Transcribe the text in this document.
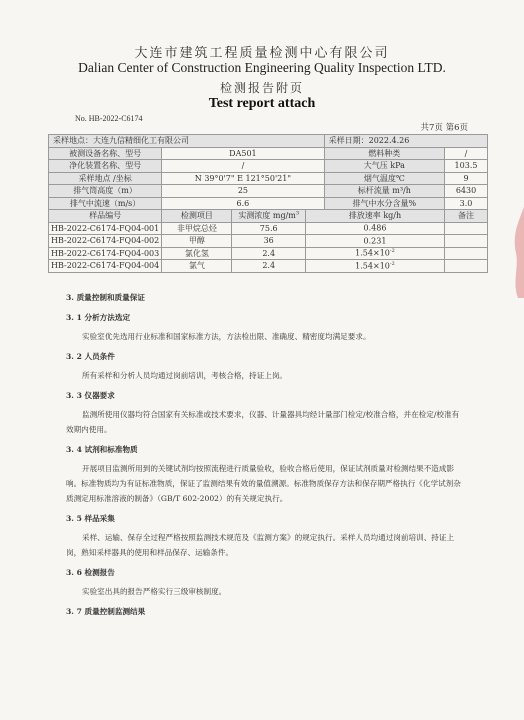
大连市建筑工程质量检测中心有限公司
Dalian Center of Construction Engineering Quality Inspection LTD.
检测报告附页
Test report attach
No. HB-2022-C6174
共7页 第6页
采样地点：大连九信精细化工有限公司				采样日期：2022.4.26	
被测设备名称、型号	DA501			燃料种类	/
净化装置名称、型号	/			大气压 kPa	103.5
采样地点 /坐标	N 39°0'7" E 121°50'21"			烟气温度℃	9
排气筒高度（m）	25			标杆流量 m³/h	6430
排气中流速（m/s）	6.6			排气中水分含量%	3.0
样品编号	检测项目	实测浓度 $mg/m^3$	排放速率 kg/h		备注
HB-2022-C6174-FQ04-001	非甲烷总烃	75.6	0.486		
HB-2022-C6174-FQ04-002	甲醇	36	0.231		
HB-2022-C6174-FQ04-003	氯化氢	2.4	$1.54\times 10^{-2}$	
HB-2022-C6174-FQ04-004	氯气	2.4	$1.54\times 10^{-2}$	
3. 质量控制和质量保证
3. 1 分析方法选定
实验室优先选用行业标准和国家标准方法，方法检出限、准确度、精密度均满足要求。
3. 2 人员条件
所有采样和分析人员均通过岗前培训，考核合格，持证上岗。
3. 3 仪器要求
监测所使用仪器均符合国家有关标准或技术要求，仪器、计量器具均经计量部门检定/校准合格，并在检定/校准有效期内使用。
3. 4 试剂和标准物质
开展项目监测所用到的关键试剂均按照流程进行质量验收，验收合格后使用，保证试剂质量对检测结果不造成影响。标准物质均为有证标准物质，保证了监测结果有效的量值溯源。标准物质保存方法和保存期严格执行《化学试剂杂质测定用标准溶液的制备》（GB/T 602-2002）的有关规定执行。
3. 5 样品采集
采样、运输、保存全过程严格按照监测技术规范及《监测方案》的规定执行。采样人员均通过岗前培训、持证上岗，熟知采样器具的使用和样品保存、运输条件。
3. 6 检测报告
实验室出具的报告严格实行三级审核制度。
3. 7 质量控制监测结果
